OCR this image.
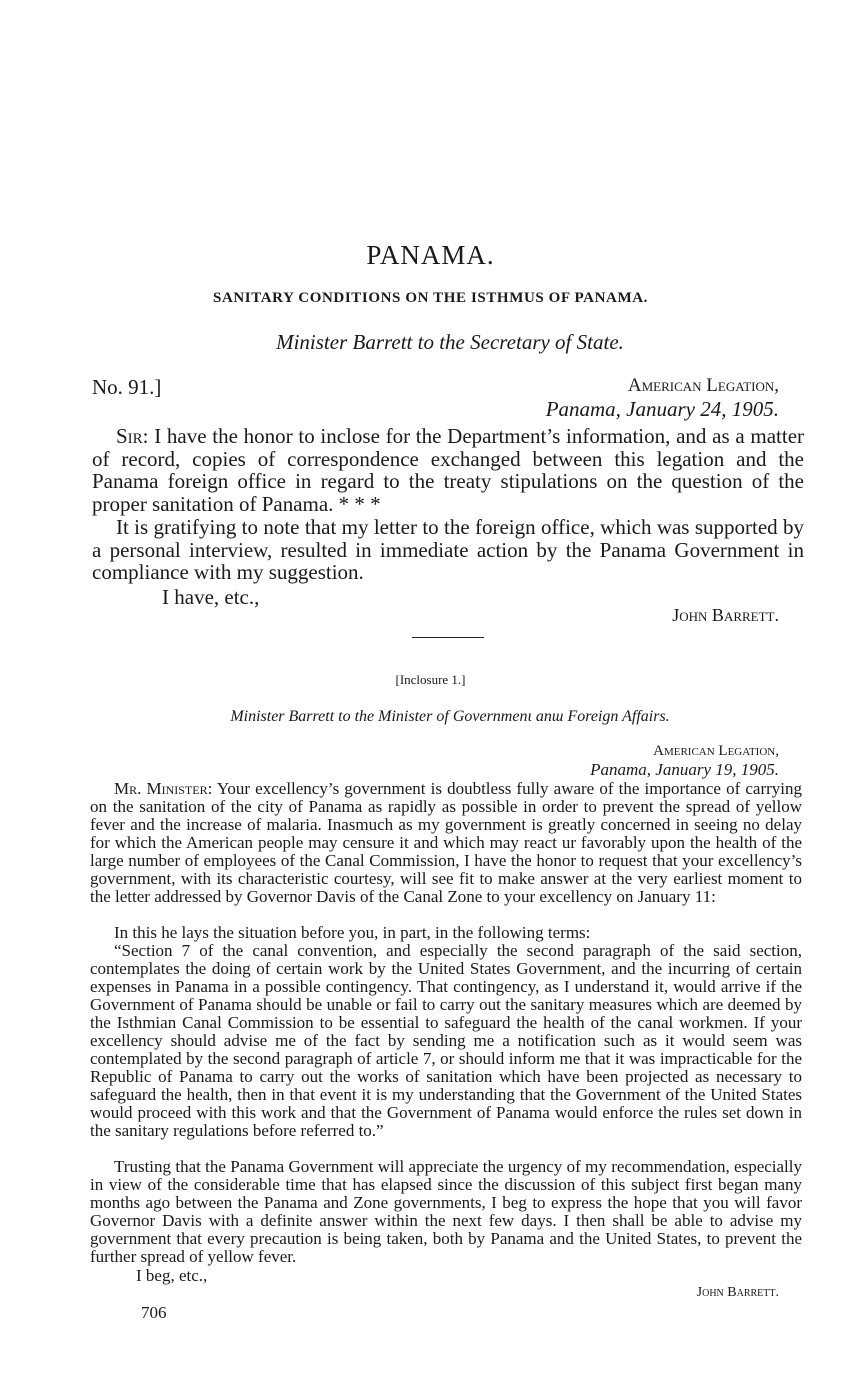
PANAMA.
SANITARY CONDITIONS ON THE ISTHMUS OF PANAMA.
Minister Barrett to the Secretary of State.
No. 91.]	American Legation,
Panama, January 24, 1905.

Sir: I have the honor to inclose for the Department’s information, and as a matter of record, copies of correspondence exchanged between this legation and the Panama foreign office in regard to the treaty stipulations on the question of the proper sanitation of Panama. * * *

It is gratifying to note that my letter to the foreign office, which was supported by a personal interview, resulted in immediate action by the Panama Government in compliance with my suggestion.

I have, etc.,
John Barrett.
[Inclosure 1.]
Minister Barrett to the Minister of Governmenι anɯ Foreign Affairs.
American Legation,
Panama, January 19, 1905.

Mr. Minister: Your excellency’s government is doubtless fully aware of the importance of carrying on the sanitation of the city of Panama as rapidly as possible in order to prevent the spread of yellow fever and the increase of malaria. Inasmuch as my government is greatly concerned in seeing no delay for which the American people may censure it and which may react ur favorably upon the health of the large number of employees of the Canal Commission, I have the honor to request that your excellency’s government, with its characteristic courtesy, will see fit to make answer at the very earliest moment to the letter addressed by Governor Davis of the Canal Zone to your excellency on January 11:

In this he lays the situation before you, in part, in the following terms:

“Section 7 of the canal convention, and especially the second paragraph of the said section, contemplates the doing of certain work by the United States Government, and the incurring of certain expenses in Panama in a possible contingency. That contingency, as I understand it, would arrive if the Government of Panama should be unable or fail to carry out the sanitary measures which are deemed by the Isthmian Canal Commission to be essential to safeguard the health of the canal workmen. If your excellency should advise me of the fact by sending me a notification such as it would seem was contemplated by the second paragraph of article 7, or should inform me that it was impracticable for the Republic of Panama to carry out the works of sanitation which have been projected as necessary to safeguard the health, then in that event it is my understanding that the Government of the United States would proceed with this work and that the Government of Panama would enforce the rules set down in the sanitary regulations before referred to.”

Trusting that the Panama Government will appreciate the urgency of my recommendation, especially in view of the considerable time that has elapsed since the discussion of this subject first began many months ago between the Panama and Zone governments, I beg to express the hope that you will favor Governor Davis with a definite answer within the next few days. I then shall be able to advise my government that every precaution is being taken, both by Panama and the United States, to prevent the further spread of yellow fever.

I beg, etc.,
John Barrett.
706
